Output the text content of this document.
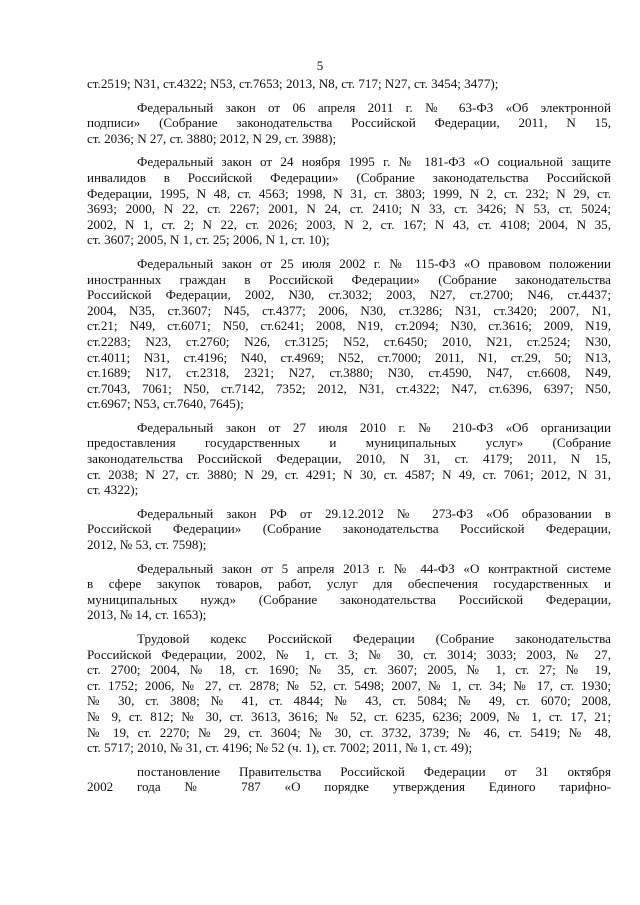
5
ст.2519; N31, ст.4322; N53, ст.7653; 2013, N8, ст. 717; N27, ст. 3454; 3477);
Федеральный закон от 06 апреля 2011 г. № 63-ФЗ «Об электронной
подписи» (Собрание законодательства Российской Федерации, 2011, N 15,
ст. 2036; N 27, ст. 3880; 2012, N 29, ст. 3988);
Федеральный закон от 24 ноября 1995 г. № 181-ФЗ «О социальной защите
инвалидов в Российской Федерации» (Собрание законодательства Российской
Федерации, 1995, N 48, ст. 4563; 1998, N 31, ст. 3803; 1999, N 2, ст. 232; N 29, ст.
3693; 2000, N 22, ст. 2267; 2001, N 24, ст. 2410; N 33, ст. 3426; N 53, ст. 5024;
2002, N 1, ст. 2; N 22, ст. 2026; 2003, N 2, ст. 167; N 43, ст. 4108; 2004, N 35,
ст. 3607; 2005, N 1, ст. 25; 2006, N 1, ст. 10);
Федеральный закон от 25 июля 2002 г. № 115-ФЗ «О правовом положении
иностранных граждан в Российской Федерации» (Собрание законодательства
Российской Федерации, 2002, N30, ст.3032; 2003, N27, ст.2700; N46, ст.4437;
2004, N35, ст.3607; N45, ст.4377; 2006, N30, ст.3286; N31, ст.3420; 2007, N1,
ст.21; N49, ст.6071; N50, ст.6241; 2008, N19, ст.2094; N30, ст.3616; 2009, N19,
ст.2283; N23, ст.2760; N26, ст.3125; N52, ст.6450; 2010, N21, ст.2524; N30,
ст.4011; N31, ст.4196; N40, ст.4969; N52, ст.7000; 2011, N1, ст.29, 50; N13,
ст.1689; N17, ст.2318, 2321; N27, ст.3880; N30, ст.4590, N47, ст.6608, N49,
ст.7043, 7061; N50, ст.7142, 7352; 2012, N31, ст.4322; N47, ст.6396, 6397; N50,
ст.6967; N53, ст.7640, 7645);
Федеральный закон от 27 июля 2010 г. № 210-ФЗ «Об организации
предоставления государственных и муниципальных услуг» (Собрание
законодательства Российской Федерации, 2010, N 31, ст. 4179; 2011, N 15,
ст. 2038; N 27, ст. 3880; N 29, ст. 4291; N 30, ст. 4587; N 49, ст. 7061; 2012, N 31,
ст. 4322);
Федеральный закон РФ от 29.12.2012 № 273-ФЗ «Об образовании в
Российской Федерации» (Собрание законодательства Российской Федерации,
2012, № 53, ст. 7598);
Федеральный закон от 5 апреля 2013 г. № 44-ФЗ «О контрактной системе
в сфере закупок товаров, работ, услуг для обеспечения государственных и
муниципальных нужд» (Собрание законодательства Российской Федерации,
2013, № 14, ст. 1653);
Трудовой кодекс Российской Федерации (Собрание законодательства
Российской Федерации, 2002, № 1, ст. 3; № 30, ст. 3014; 3033; 2003, № 27,
ст. 2700; 2004, № 18, ст. 1690; № 35, ст. 3607; 2005, № 1, ст. 27; № 19,
ст. 1752; 2006, № 27, ст. 2878; № 52, ст. 5498; 2007, № 1, ст. 34; № 17, ст. 1930;
№ 30, ст. 3808; № 41, ст. 4844; № 43, ст. 5084; № 49, ст. 6070; 2008,
№ 9, ст. 812; № 30, ст. 3613, 3616; № 52, ст. 6235, 6236; 2009, № 1, ст. 17, 21;
№ 19, ст. 2270; № 29, ст. 3604; № 30, ст. 3732, 3739; № 46, ст. 5419; № 48,
ст. 5717; 2010, № 31, ст. 4196; № 52 (ч. 1), ст. 7002; 2011, № 1, ст. 49);
постановление Правительства Российской Федерации от 31 октября
2002 года № 787 «О порядке утверждения Единого тарифно-
